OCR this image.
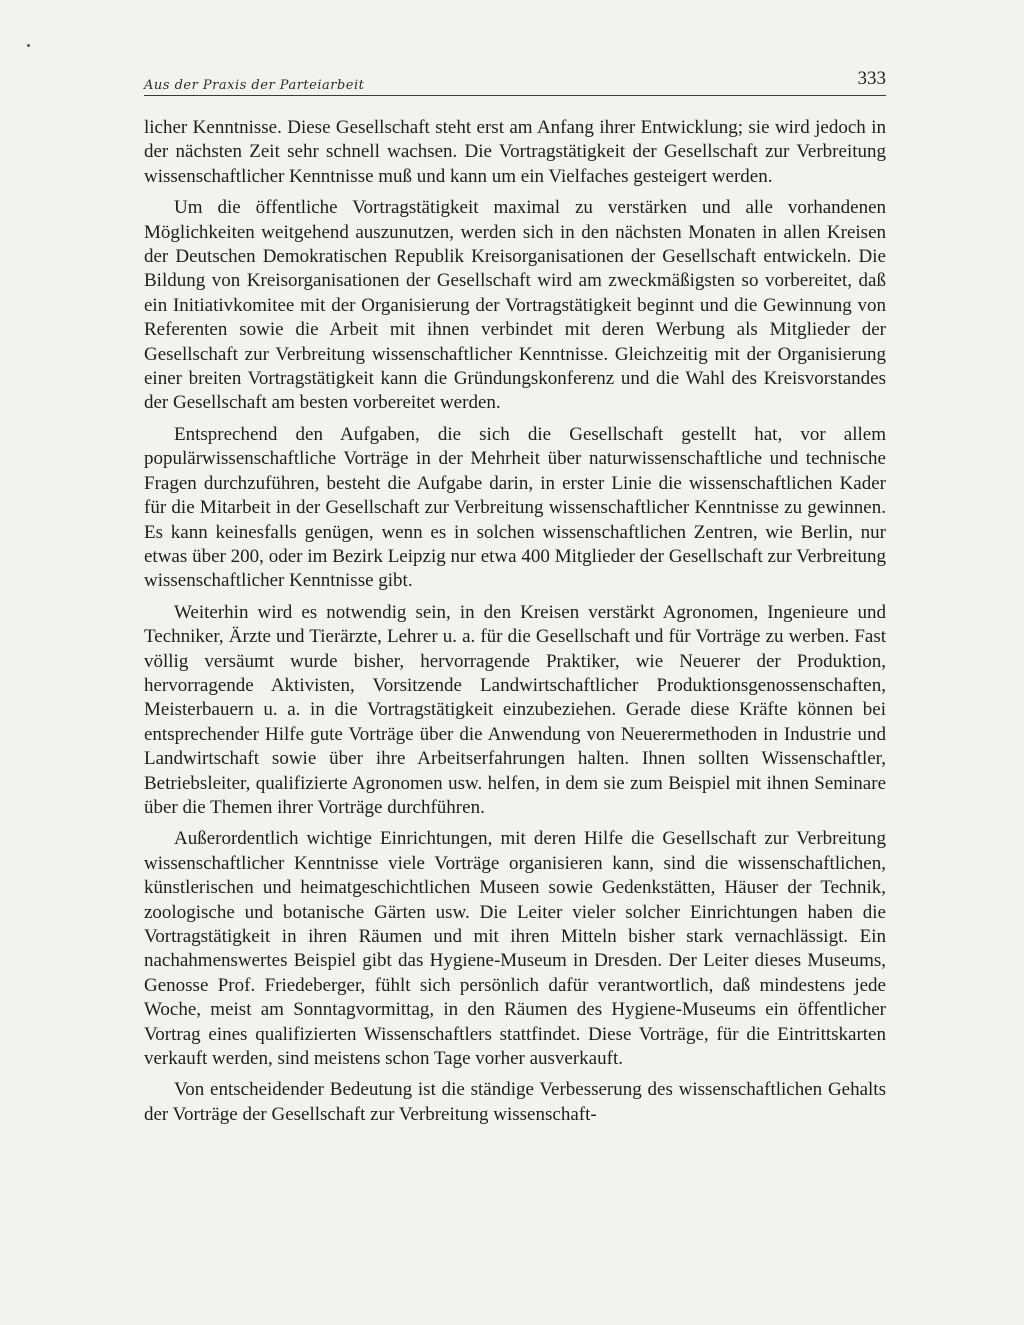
Aus der Praxis der Parteiarbeit	333

licher Kenntnisse. Diese Gesellschaft steht erst am Anfang ihrer Entwicklung; sie wird jedoch in der nächsten Zeit sehr schnell wachsen. Die Vortragstätigkeit der Gesellschaft zur Verbreitung wissenschaftlicher Kenntnisse muß und kann um ein Vielfaches gesteigert werden.

Um die öffentliche Vortragstätigkeit maximal zu verstärken und alle vorhandenen Möglichkeiten weitgehend auszunutzen, werden sich in den nächsten Monaten in allen Kreisen der Deutschen Demokratischen Republik Kreisorganisationen der Gesellschaft entwickeln. Die Bildung von Kreisorganisationen der Gesellschaft wird am zweckmäßigsten so vorbereitet, daß ein Initiativkomitee mit der Organisierung der Vortragstätigkeit beginnt und die Gewinnung von Referenten sowie die Arbeit mit ihnen verbindet mit deren Werbung als Mitglieder der Gesellschaft zur Verbreitung wissenschaftlicher Kenntnisse. Gleichzeitig mit der Organisierung einer breiten Vortragstätigkeit kann die Gründungskonferenz und die Wahl des Kreisvorstandes der Gesellschaft am besten vorbereitet werden.

Entsprechend den Aufgaben, die sich die Gesellschaft gestellt hat, vor allem populärwissenschaftliche Vorträge in der Mehrheit über naturwissenschaftliche und technische Fragen durchzuführen, besteht die Aufgabe darin, in erster Linie die wissenschaftlichen Kader für die Mitarbeit in der Gesellschaft zur Verbreitung wissenschaftlicher Kenntnisse zu gewinnen. Es kann keinesfalls genügen, wenn es in solchen wissenschaftlichen Zentren, wie Berlin, nur etwas über 200, oder im Bezirk Leipzig nur etwa 400 Mitglieder der Gesellschaft zur Verbreitung wissenschaftlicher Kenntnisse gibt.

Weiterhin wird es notwendig sein, in den Kreisen verstärkt Agronomen, Ingenieure und Techniker, Ärzte und Tierärzte, Lehrer u. a. für die Gesellschaft und für Vorträge zu werben. Fast völlig versäumt wurde bisher, hervorragende Praktiker, wie Neuerer der Produktion, hervorragende Aktivisten, Vorsitzende Landwirtschaftlicher Produktionsgenossenschaften, Meisterbauern u. a. in die Vortragstätigkeit einzubeziehen. Gerade diese Kräfte können bei entsprechender Hilfe gute Vorträge über die Anwendung von Neuerermethoden in Industrie und Landwirtschaft sowie über ihre Arbeitserfahrungen halten. Ihnen sollten Wissenschaftler, Betriebsleiter, qualifizierte Agronomen usw. helfen, in dem sie zum Beispiel mit ihnen Seminare über die Themen ihrer Vorträge durchführen.

Außerordentlich wichtige Einrichtungen, mit deren Hilfe die Gesellschaft zur Verbreitung wissenschaftlicher Kenntnisse viele Vorträge organisieren kann, sind die wissenschaftlichen, künstlerischen und heimatgeschichtlichen Museen sowie Gedenkstätten, Häuser der Technik, zoologische und botanische Gärten usw. Die Leiter vieler solcher Einrichtungen haben die Vortragstätigkeit in ihren Räumen und mit ihren Mitteln bisher stark vernachlässigt. Ein nachahmenswertes Beispiel gibt das Hygiene-Museum in Dresden. Der Leiter dieses Museums, Genosse Prof. Friedeberger, fühlt sich persönlich dafür verantwortlich, daß mindestens jede Woche, meist am Sonntagvormittag, in den Räumen des Hygiene-Museums ein öffentlicher Vortrag eines qualifizierten Wissenschaftlers stattfindet. Diese Vorträge, für die Eintrittskarten verkauft werden, sind meistens schon Tage vorher ausverkauft.

Von entscheidender Bedeutung ist die ständige Verbesserung des wissenschaftlichen Gehalts der Vorträge der Gesellschaft zur Verbreitung wissenschaft-
